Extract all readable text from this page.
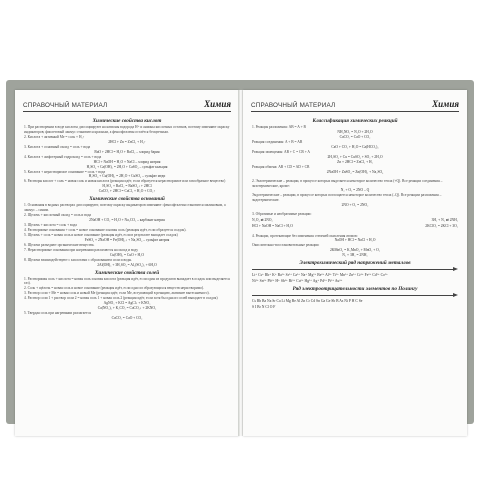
СПРАВОЧНЫЙ МАТЕРИАЛ	Химия
Химические свойства кислот

1. При растворении в воде кислоты диссоциируют на катионы водорода H⁺ и анионы кислотных остатков, поэтому изменяют окраску индикаторов; фиолетовый лакмус становится красным, а фенолфталеин остаётся бесцветным.

2. Кислота + активный Me = соль + H₂↑

2HCl + Zn = ZnCl₂ + H₂↑

3. Кислота + основный оксид = соль + вода

BaO + 2HCl = H₂O + BaCl₂ – хлорид бария

4. Кислота + амфотерный гидроксид = соль + вода

HCl + NaOH = H₂O + NaCl – хлорид натрия

H₂SO₄ + Ca(OH)₂ = 2H₂O + CaSO₄ – сульфат кальция

5. Кислота + нерастворимое основание = соль + вода

H₂SO₄ + Cu(OH)₂ = 2H₂O + CuSO₄ – сульфат меди

6. Растворы кислот + соль = новая соль и новая кислота (реакция идёт, если образуется нерастворимое или газообразное вещество)

H₂SO₄ + BaCl₂ = BaSO₄↓ + 2HCl

CaCO₃ + 2HCl = CaCl₂ + H₂O + CO₂↑

Химические свойства оснований

1. Основания в водных растворах диссоциируют, поэтому окраску индикаторов изменяют: фенолфталеин становится малиновым, а лакмус – синим.

2. Щелочь + кислотный оксид = соль и вода

2NaOH + CO₂ = H₂O + Na₂CO₃ – карбонат натрия

3. Щелочь + кислота = соль + вода

4. Растворимые основания + соль = новое основание и новая соль (реакция идёт, если образуется осадок).

5. Щелочь + соль = новая соль и новое основание (реакция идёт, если в результате выпадает осадок)

FeSO₄ + 2NaOH = Fe(OH)₂↓ + Na₂SO₄ – сульфат натрия

6. Щелочи разъедают органические вещества.

7. Нерастворимые основания при нагревании разлагаются на оксид и воду

Cu(OH)₂ = CuO + H₂O

8. Щелочи взаимодействуют с кислотами с образованием соли и воды.

2Al(OH)₃ + 3H₂SO₄ = Al₂(SO₄)₃ + 6H₂O

Химические свойства солей

1. Растворимая соль + кислота = новая соль и новая кислота (реакция идёт, если один из продуктов выпадает в осадок или выделяется газ).

2. Соль + щёлочь = новая соль и новое основание (реакция идёт, если одно из образующихся веществ нерастворимо).

3. Раствор соли + Ме = новая соль и новый Ме (реакция идёт, если Ме, вступающий в реакцию, активнее вытесняемого).

4. Раствор соли 1 + раствор соли 2 = новая соль 1 + новая соль 2 (реакция идёт, если хотя бы одна из солей выпадает в осадок)

AgNO₃ + KCl = AgCl↓ + KNO₃

Ca(NO₃)₂ + K₂CO₃ = CaCO₃↓ + 2KNO₃

5. Твердая соль при нагревании разлагается

CaCO₃ = CaO + CO₂

СПРАВОЧНЫЙ МАТЕРИАЛ	Химия
Классификация химических реакций

1. Реакция разложения: AB = A + B

NH₄NO₃ = N₂O + 2H₂O

CaCO₃ = CaO + CO₂

Реакция соединения: A + B = AB

CaO + CO₂ + H₂O = Ca(HCO₃)₂

Реакция замещения: AB + C = CB + A

2H₂SO₄ + Cu = CuSO₄ + SO₂ + 2H₂O

Zn + 2HCl = ZnCl₂ + H₂

Реакция обмена: AB + CD = AD + CB

2NaOH + ZnSO₄ = Zn(OH)₂ + Na₂SO₄

2. Экзотермические – реакции, в процессе которых выделяется некоторое количество тепла (+Q). Все реакции соединения – экзотермические, кроме:

N₂ + O₂ = 2NO – Q

Эндотермические – реакции, в процессе которых поглощается некоторое количество тепла (–Q). Все реакции разложения – эндотермические.

2NO + O₂ = 2NO₂

3. Обратимые и необратимые реакции:

N₂O₄ ⇄ 2NO₂	3H₂ + N₂ ⇄ 2NH₃
HCl + NaOH = NaCl + H₂O	2KClO₃ = 2KCl + 3O₂

4. Реакции, протекающие без изменения степеней окисления атомов:

NaOH + HCl = NaCl + H₂O

Окислительно-восстановительные реакции:

2KMnO₄ = K₂MnO₄ + MnO₂ + O₂

N₂ + 3H₂ = 2NH₃

Электрохимический ряд напряжений металлов
Li⁺ Cs⁺ Rb⁺ K⁺ Ba²⁺ Sr²⁺ Ca²⁺ Na⁺ Mg²⁺ Be²⁺ Al³⁺ Ti²⁺ Mn²⁺ Zn²⁺ Cr³⁺ Fe²⁺ Cd²⁺ Co²⁺
Ni²⁺ Sn²⁺ Pb²⁺ H⁺ Sb³⁺ Bi³⁺ Cu²⁺ Hg²⁺ Ag⁺ Pd²⁺ Pt²⁺ Au³⁺
Ряд электроотрицательности элементов по Полингу
Cs Rb Ba Na Sr Ca Li Mg Be Al Zn Cr Cd Sn Ga Ge Sb B As Ni P H C Se
S I Br N Cl O F
